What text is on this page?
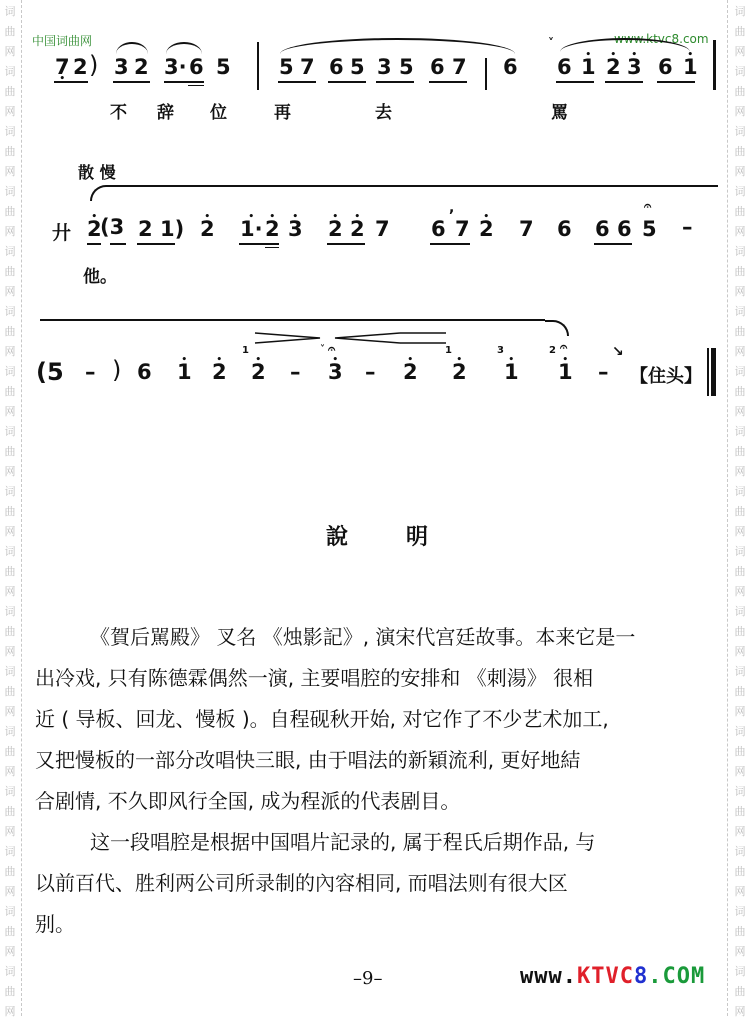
词
曲
网
词
曲
网
词
曲
网
词
曲
网
词
曲
网
词
曲
网
词
曲
网
词
曲
网
词
曲
网
词
曲
网
词
曲
网
词
曲
网
词
曲
网
词
曲
网
词
曲
网
词
曲
网
词
曲
网
词
曲
网
词
曲
网
词
曲
网
词
曲
网
词
曲
网
词
曲
网
词
曲
网
词
曲
网
词
曲
网
词
曲
网
词
曲
网
词
曲
网
词
曲
网
词
曲
网
词
曲
网
词
曲
网
词
曲
网
中国词曲网	www.ktvc8.com
7 • 2 ) 3 2 3· 6 5 5 7 6 5 3 5 6 7 6
˅
6 • 1 • 2 • 3 6 • 1
不 辞 位	再	去	罵
散 慢
廾 • 2
(3 2 1) • 2 • 1· • 2 • 3 • 2 • 2 7
,
6 7 • 2 7 6 6 6
𝄐
5 –
他。
(5 – ) 6 • 1 • 2
1
• 2 –
˅ 𝄐
• 3 – • 2
1
• 2
3
• 1
2 𝄐
• 1 –
↘
【住头】
說	明

《賀后駡殿》 叉名 《烛影記》, 演宋代宫廷故事。本来它是一

出冷戏, 只有陈德霖偶然一演, 主要唱腔的安排和 《刺湯》 很相

近 ( 导板、回龙、慢板 )。自程砚秋开始, 对它作了不少艺术加工,

又把慢板的一部分改唱快三眼, 由于唱法的新穎流利, 更好地結

合剧情, 不久即风行全国, 成为程派的代表剧目。

这一段唱腔是根据中国唱片記录的, 属于程氏后期作品, 与

以前百代、胜利两公司所录制的內容相同, 而唱法则有很大区

别。

–9–	www.KTVC8.COM
